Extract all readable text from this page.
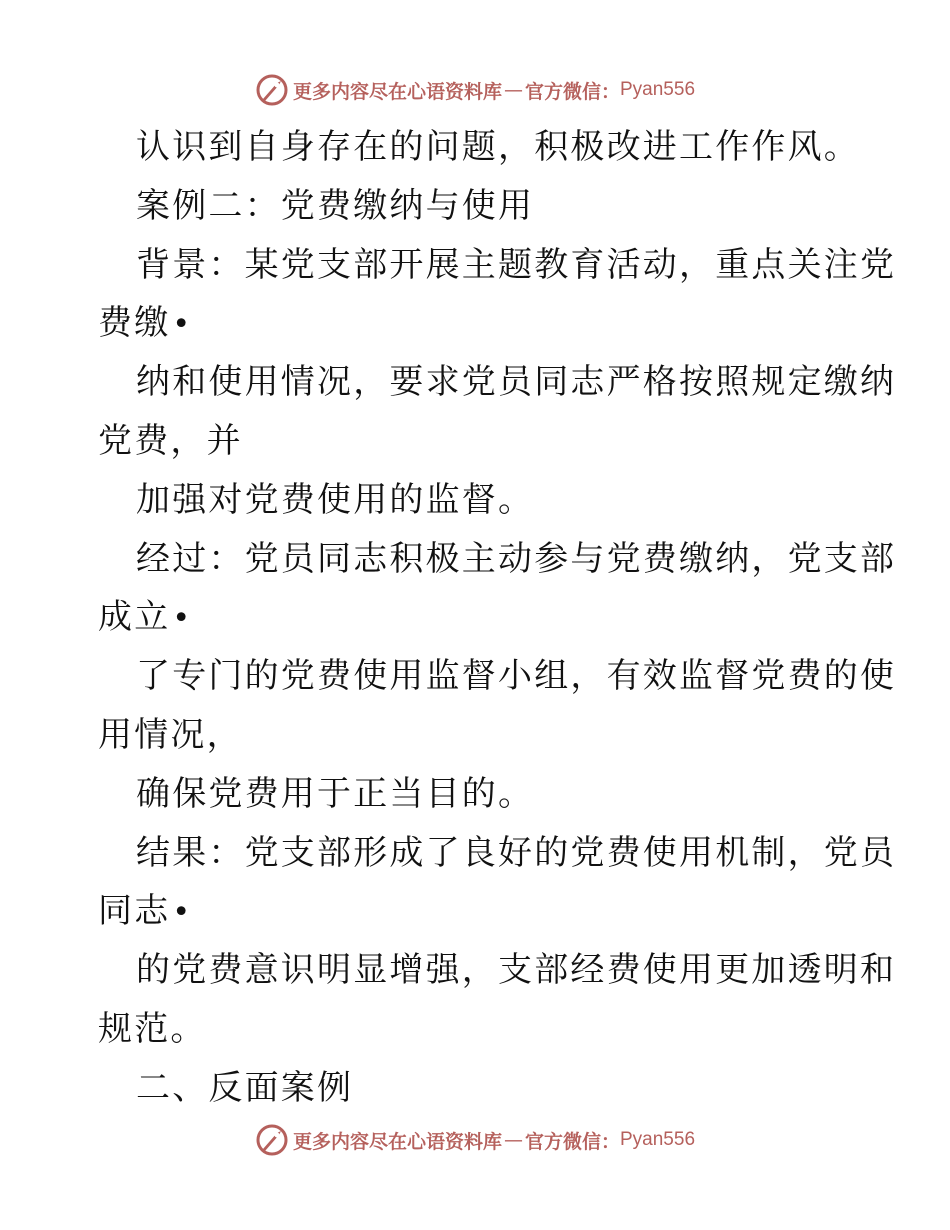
更多内容尽在心语资料库 — 官方微信： Pyan556
认识到自身存在的问题，积极改进工作作风。
案例二：党费缴纳与使用
背景：某党支部开展主题教育活动，重点关注党
费缴•
纳和使用情况，要求党员同志严格按照规定缴纳
党费，并
加强对党费使用的监督。
经过：党员同志积极主动参与党费缴纳，党支部
成立•
了专门的党费使用监督小组，有效监督党费的使
用情况，
确保党费用于正当目的。
结果：党支部形成了良好的党费使用机制，党员
同志•
的党费意识明显增强，支部经费使用更加透明和
规范。
二、反面案例
更多内容尽在心语资料库 — 官方微信： Pyan556
